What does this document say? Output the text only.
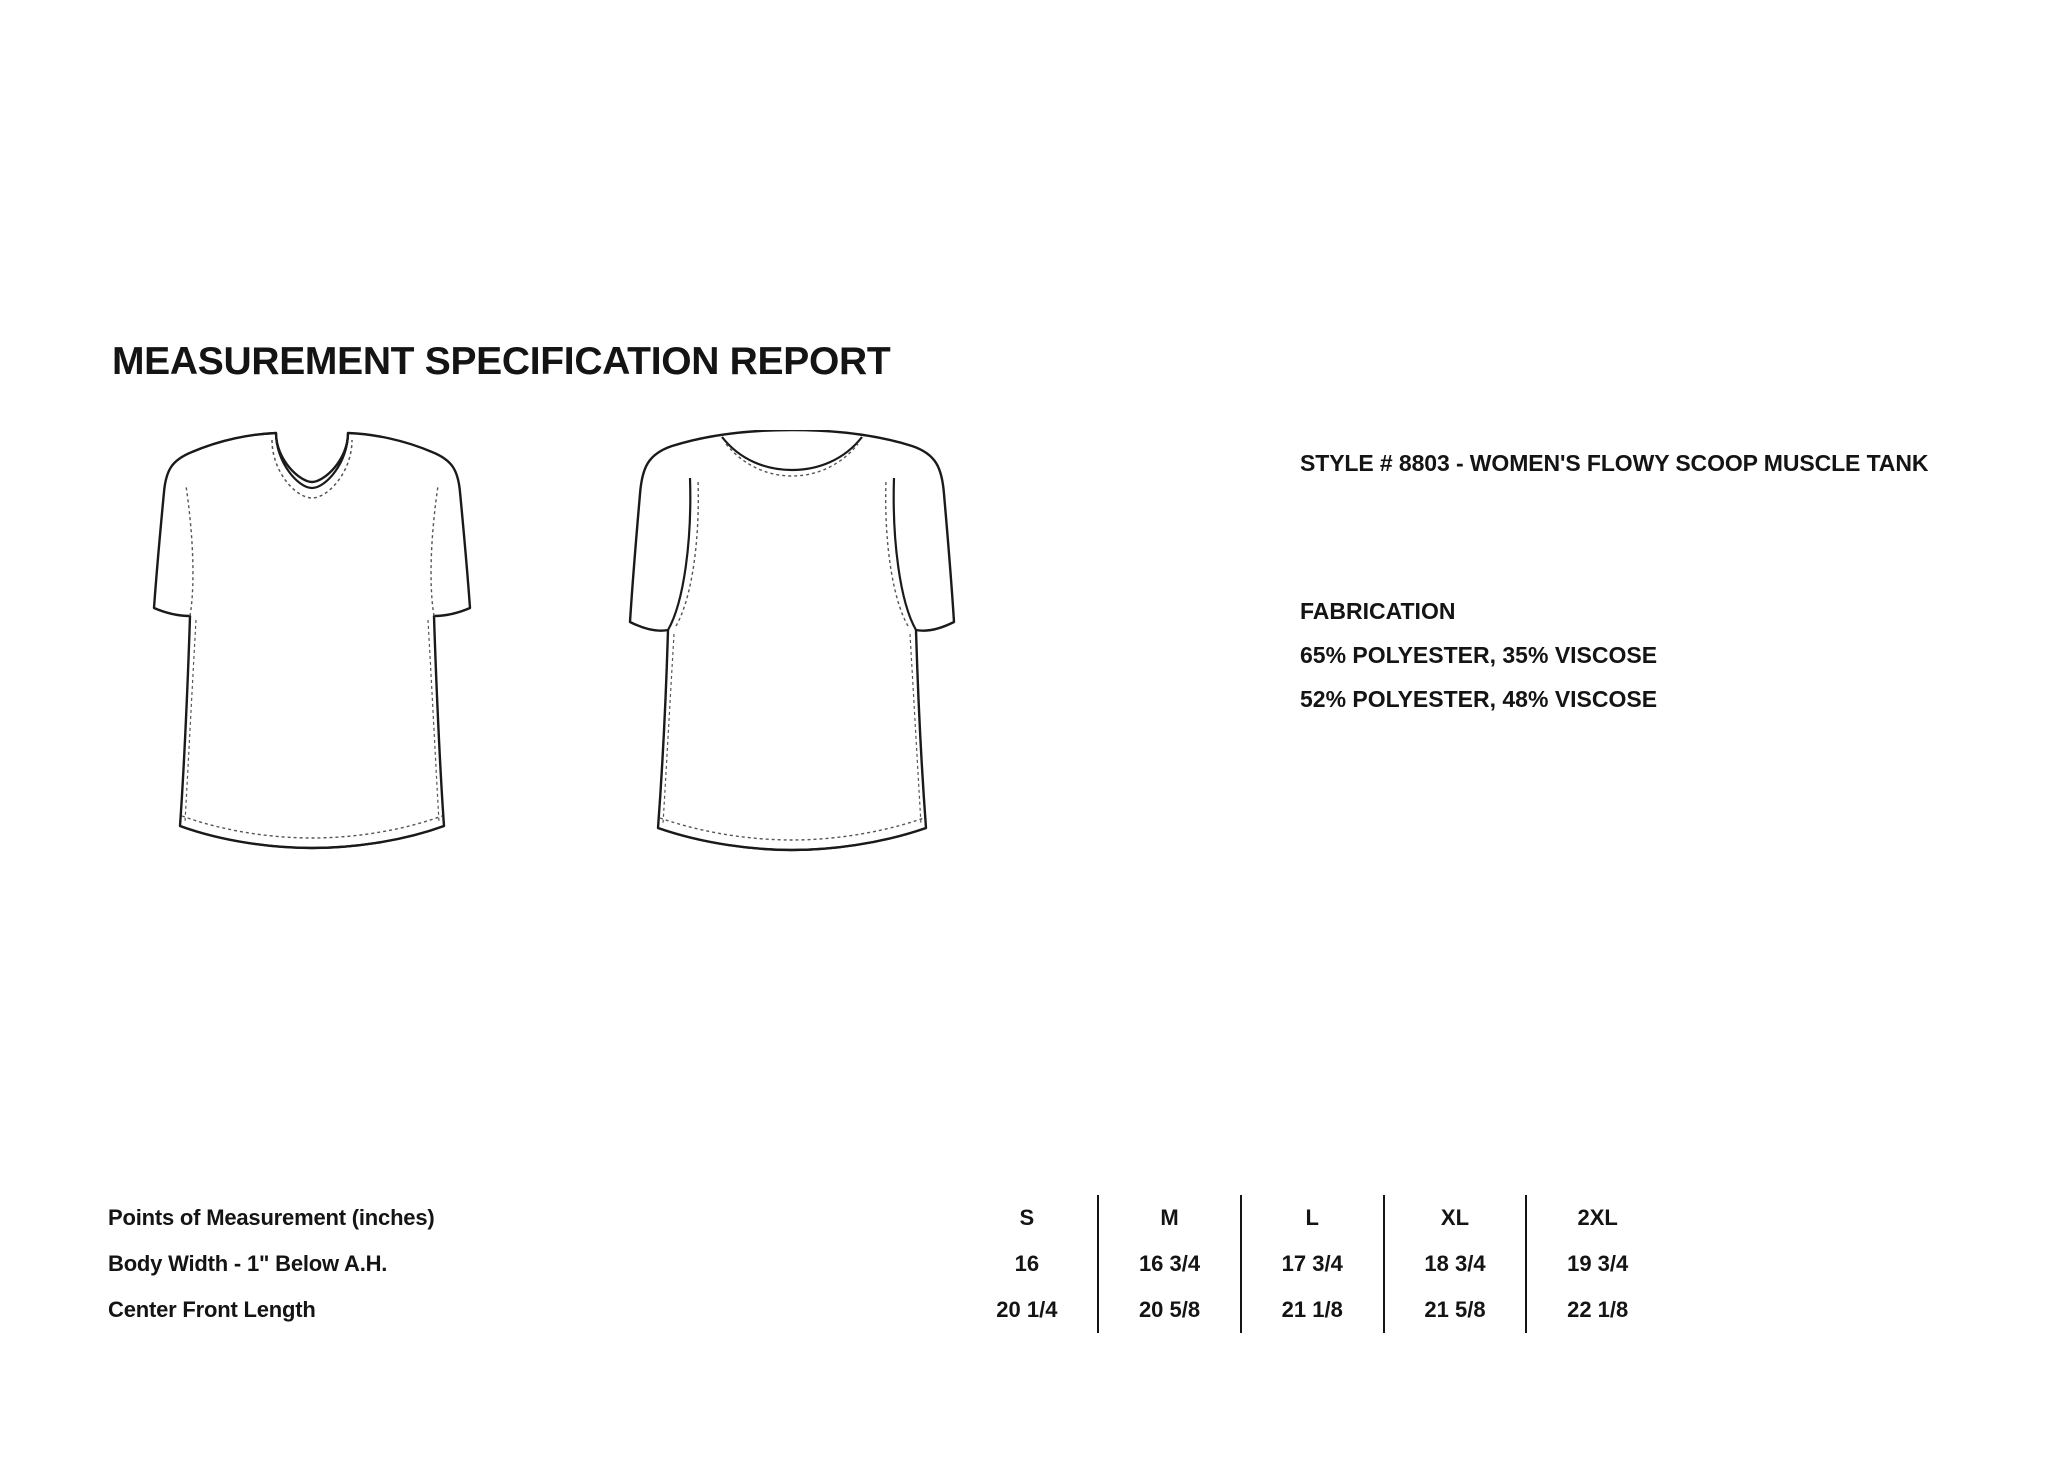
MEASUREMENT SPECIFICATION REPORT
STYLE # 8803 - WOMEN'S FLOWY SCOOP MUSCLE TANK
FABRICATION
65% POLYESTER, 35% VISCOSE
52% POLYESTER, 48% VISCOSE
Points of Measurement (inches)		S	M	L	XL	2XL
Body Width - 1" Below A.H.		16	16 3/4	17 3/4	18 3/4	19 3/4
Center Front Length		20 1/4	20 5/8	21 1/8	21 5/8	22 1/8
